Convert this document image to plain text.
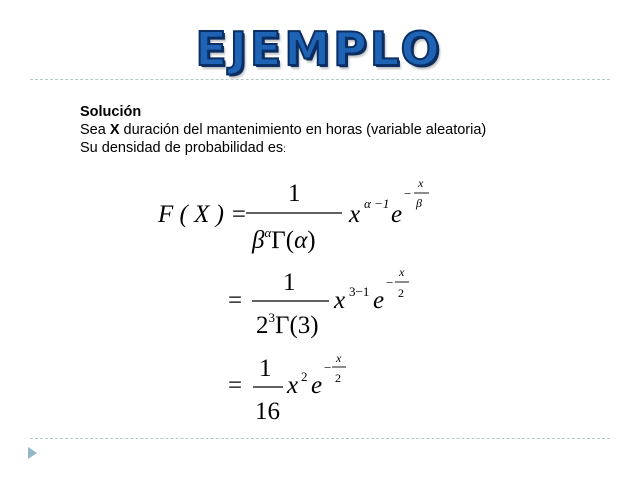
EJEMPLO
Solución
Sea X duración del mantenimiento en horas (variable aleatoria)
Su densidad de probabilidad es:
F ( X ) =
1
$\beta^\alpha\Gamma(\alpha)$
x α −1 e
−
x
β
=
1
$2^3\Gamma(3)$
x 3−1 e
−
x
2
=
1
16
x 2 e
−
x
2
